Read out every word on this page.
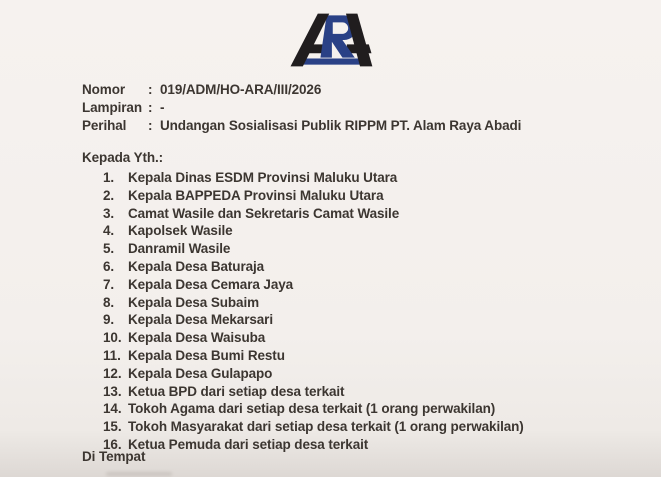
Nomor	: 019/ADM/HO-ARA/III/2026
Lampiran : -
Perihal	: Undangan Sosialisasi Publik RIPPM PT. Alam Raya Abadi
Kepada Yth.:
1. Kepala Dinas ESDM Provinsi Maluku Utara
2. Kepala BAPPEDA Provinsi Maluku Utara
3. Camat Wasile dan Sekretaris Camat Wasile
4. Kapolsek Wasile
5. Danramil Wasile
6. Kepala Desa Baturaja
7. Kepala Desa Cemara Jaya
8. Kepala Desa Subaim
9. Kepala Desa Mekarsari
10. Kepala Desa Waisuba
11. Kepala Desa Bumi Restu
12. Kepala Desa Gulapapo
13. Ketua BPD dari setiap desa terkait
14. Tokoh Agama dari setiap desa terkait (1 orang perwakilan)
15. Tokoh Masyarakat dari setiap desa terkait (1 orang perwakilan)
16. Ketua Pemuda dari setiap desa terkait
Di Tempat
